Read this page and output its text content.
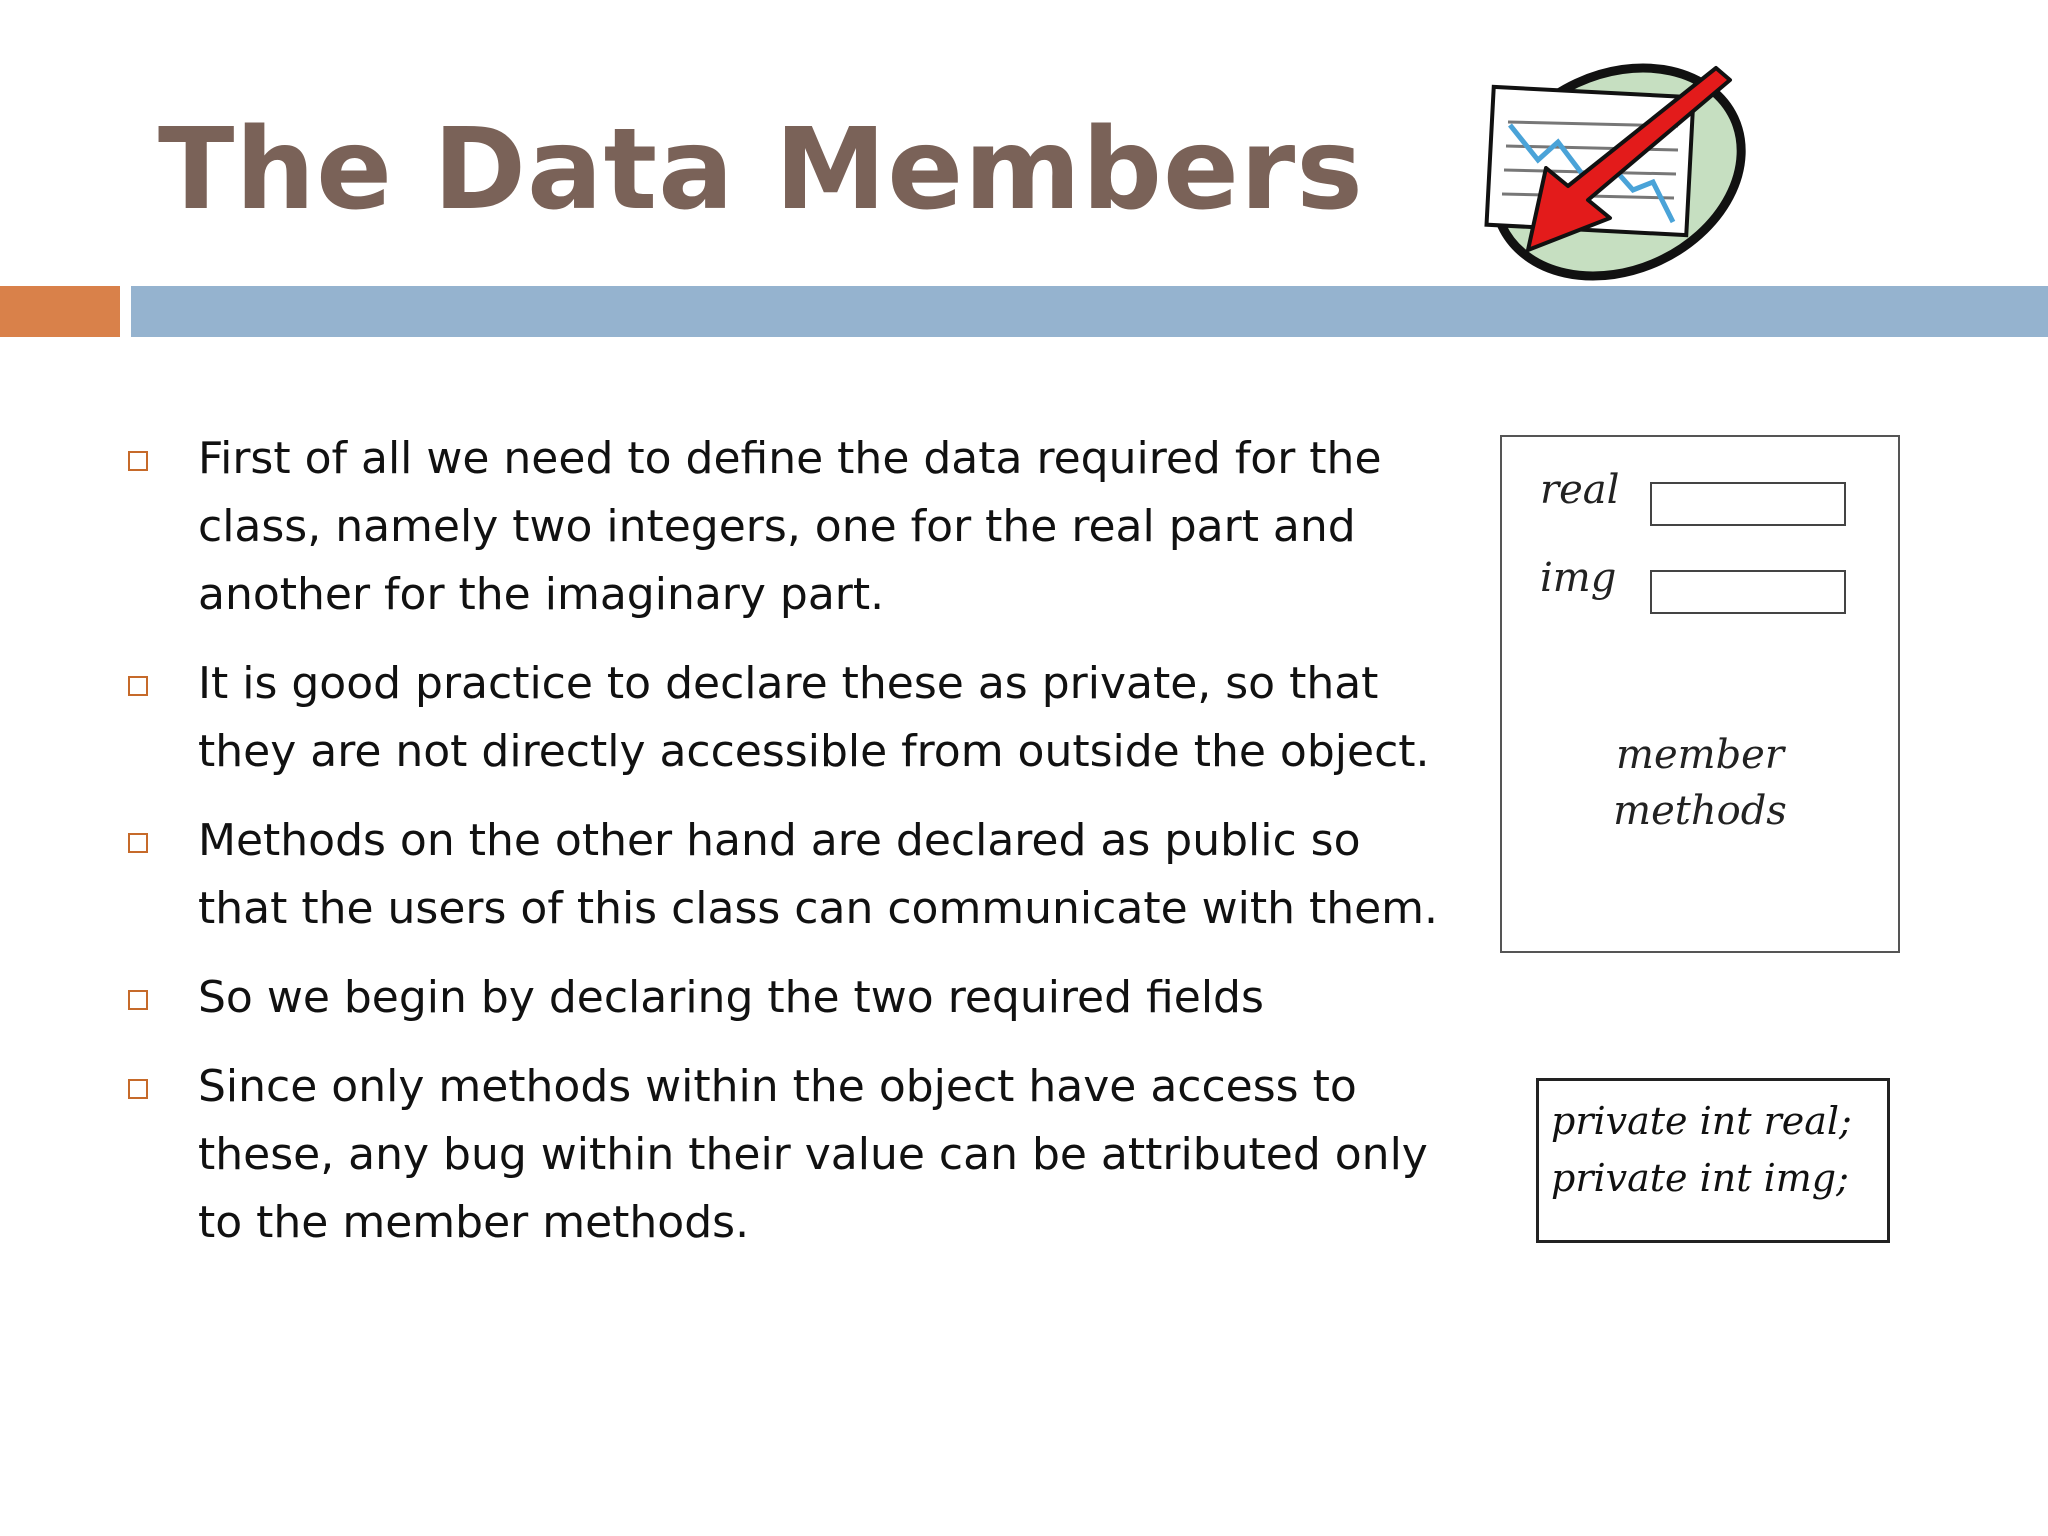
The Data Members
First of all we need to define the data required for the class, namely two integers, one for the real part and another for the imaginary part.
It is good practice to declare these as private, so that they are not directly accessible from outside the object.
Methods on the other hand are declared as public so that the users of this class can communicate with them.
So we begin by declaring the two required fields
Since only methods within the object have access to these, any bug within their value can be attributed only to the member methods.
real
img
member
methods
private int real;
private int img;
